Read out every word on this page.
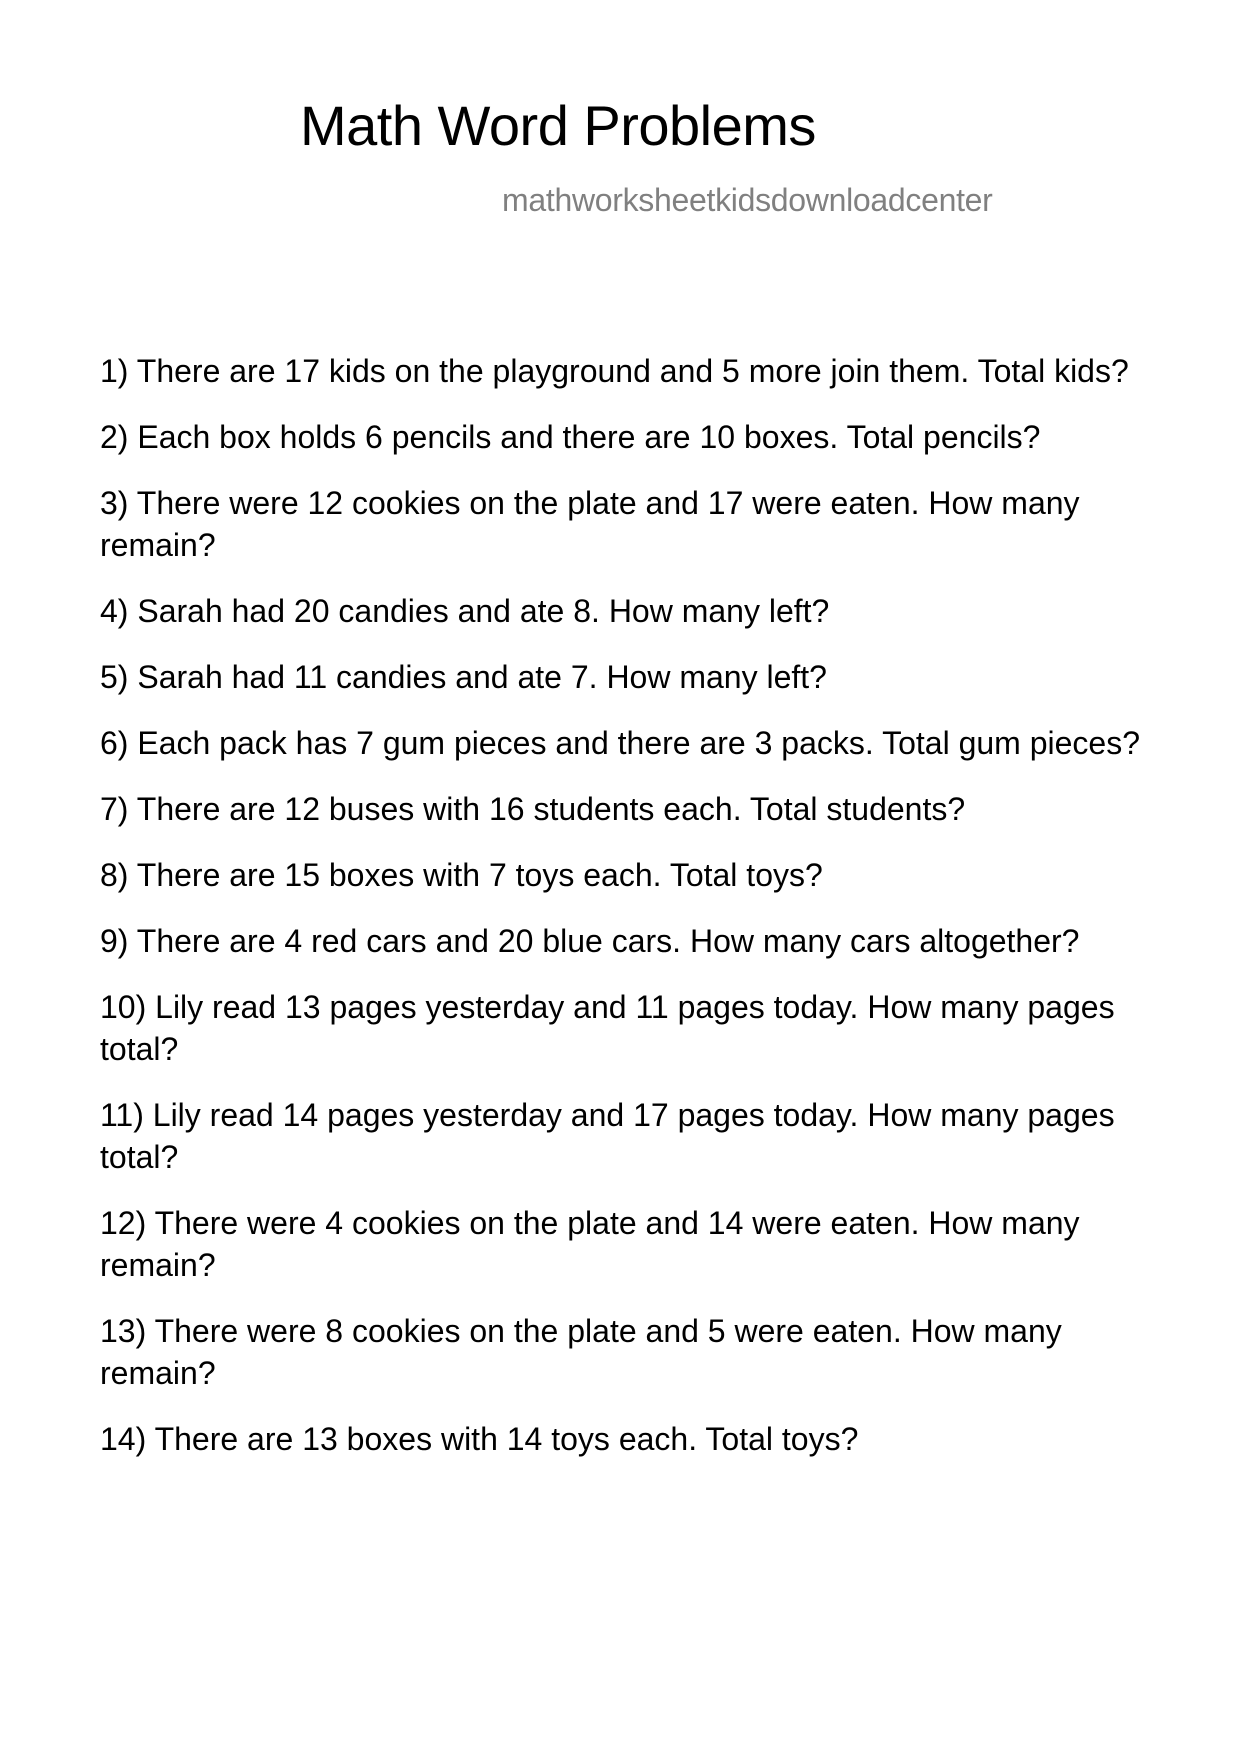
Math Word Problems
mathworksheetkidsdownloadcenter
1) There are 17 kids on the playground and 5 more join them. Total kids?
2) Each box holds 6 pencils and there are 10 boxes. Total pencils?
3) There were 12 cookies on the plate and 17 were eaten. How many remain?
4) Sarah had 20 candies and ate 8. How many left?
5) Sarah had 11 candies and ate 7. How many left?
6) Each pack has 7 gum pieces and there are 3 packs. Total gum pieces?
7) There are 12 buses with 16 students each. Total students?
8) There are 15 boxes with 7 toys each. Total toys?
9) There are 4 red cars and 20 blue cars. How many cars altogether?
10) Lily read 13 pages yesterday and 11 pages today. How many pages total?
11) Lily read 14 pages yesterday and 17 pages today. How many pages total?
12) There were 4 cookies on the plate and 14 were eaten. How many remain?
13) There were 8 cookies on the plate and 5 were eaten. How many remain?
14) There are 13 boxes with 14 toys each. Total toys?
